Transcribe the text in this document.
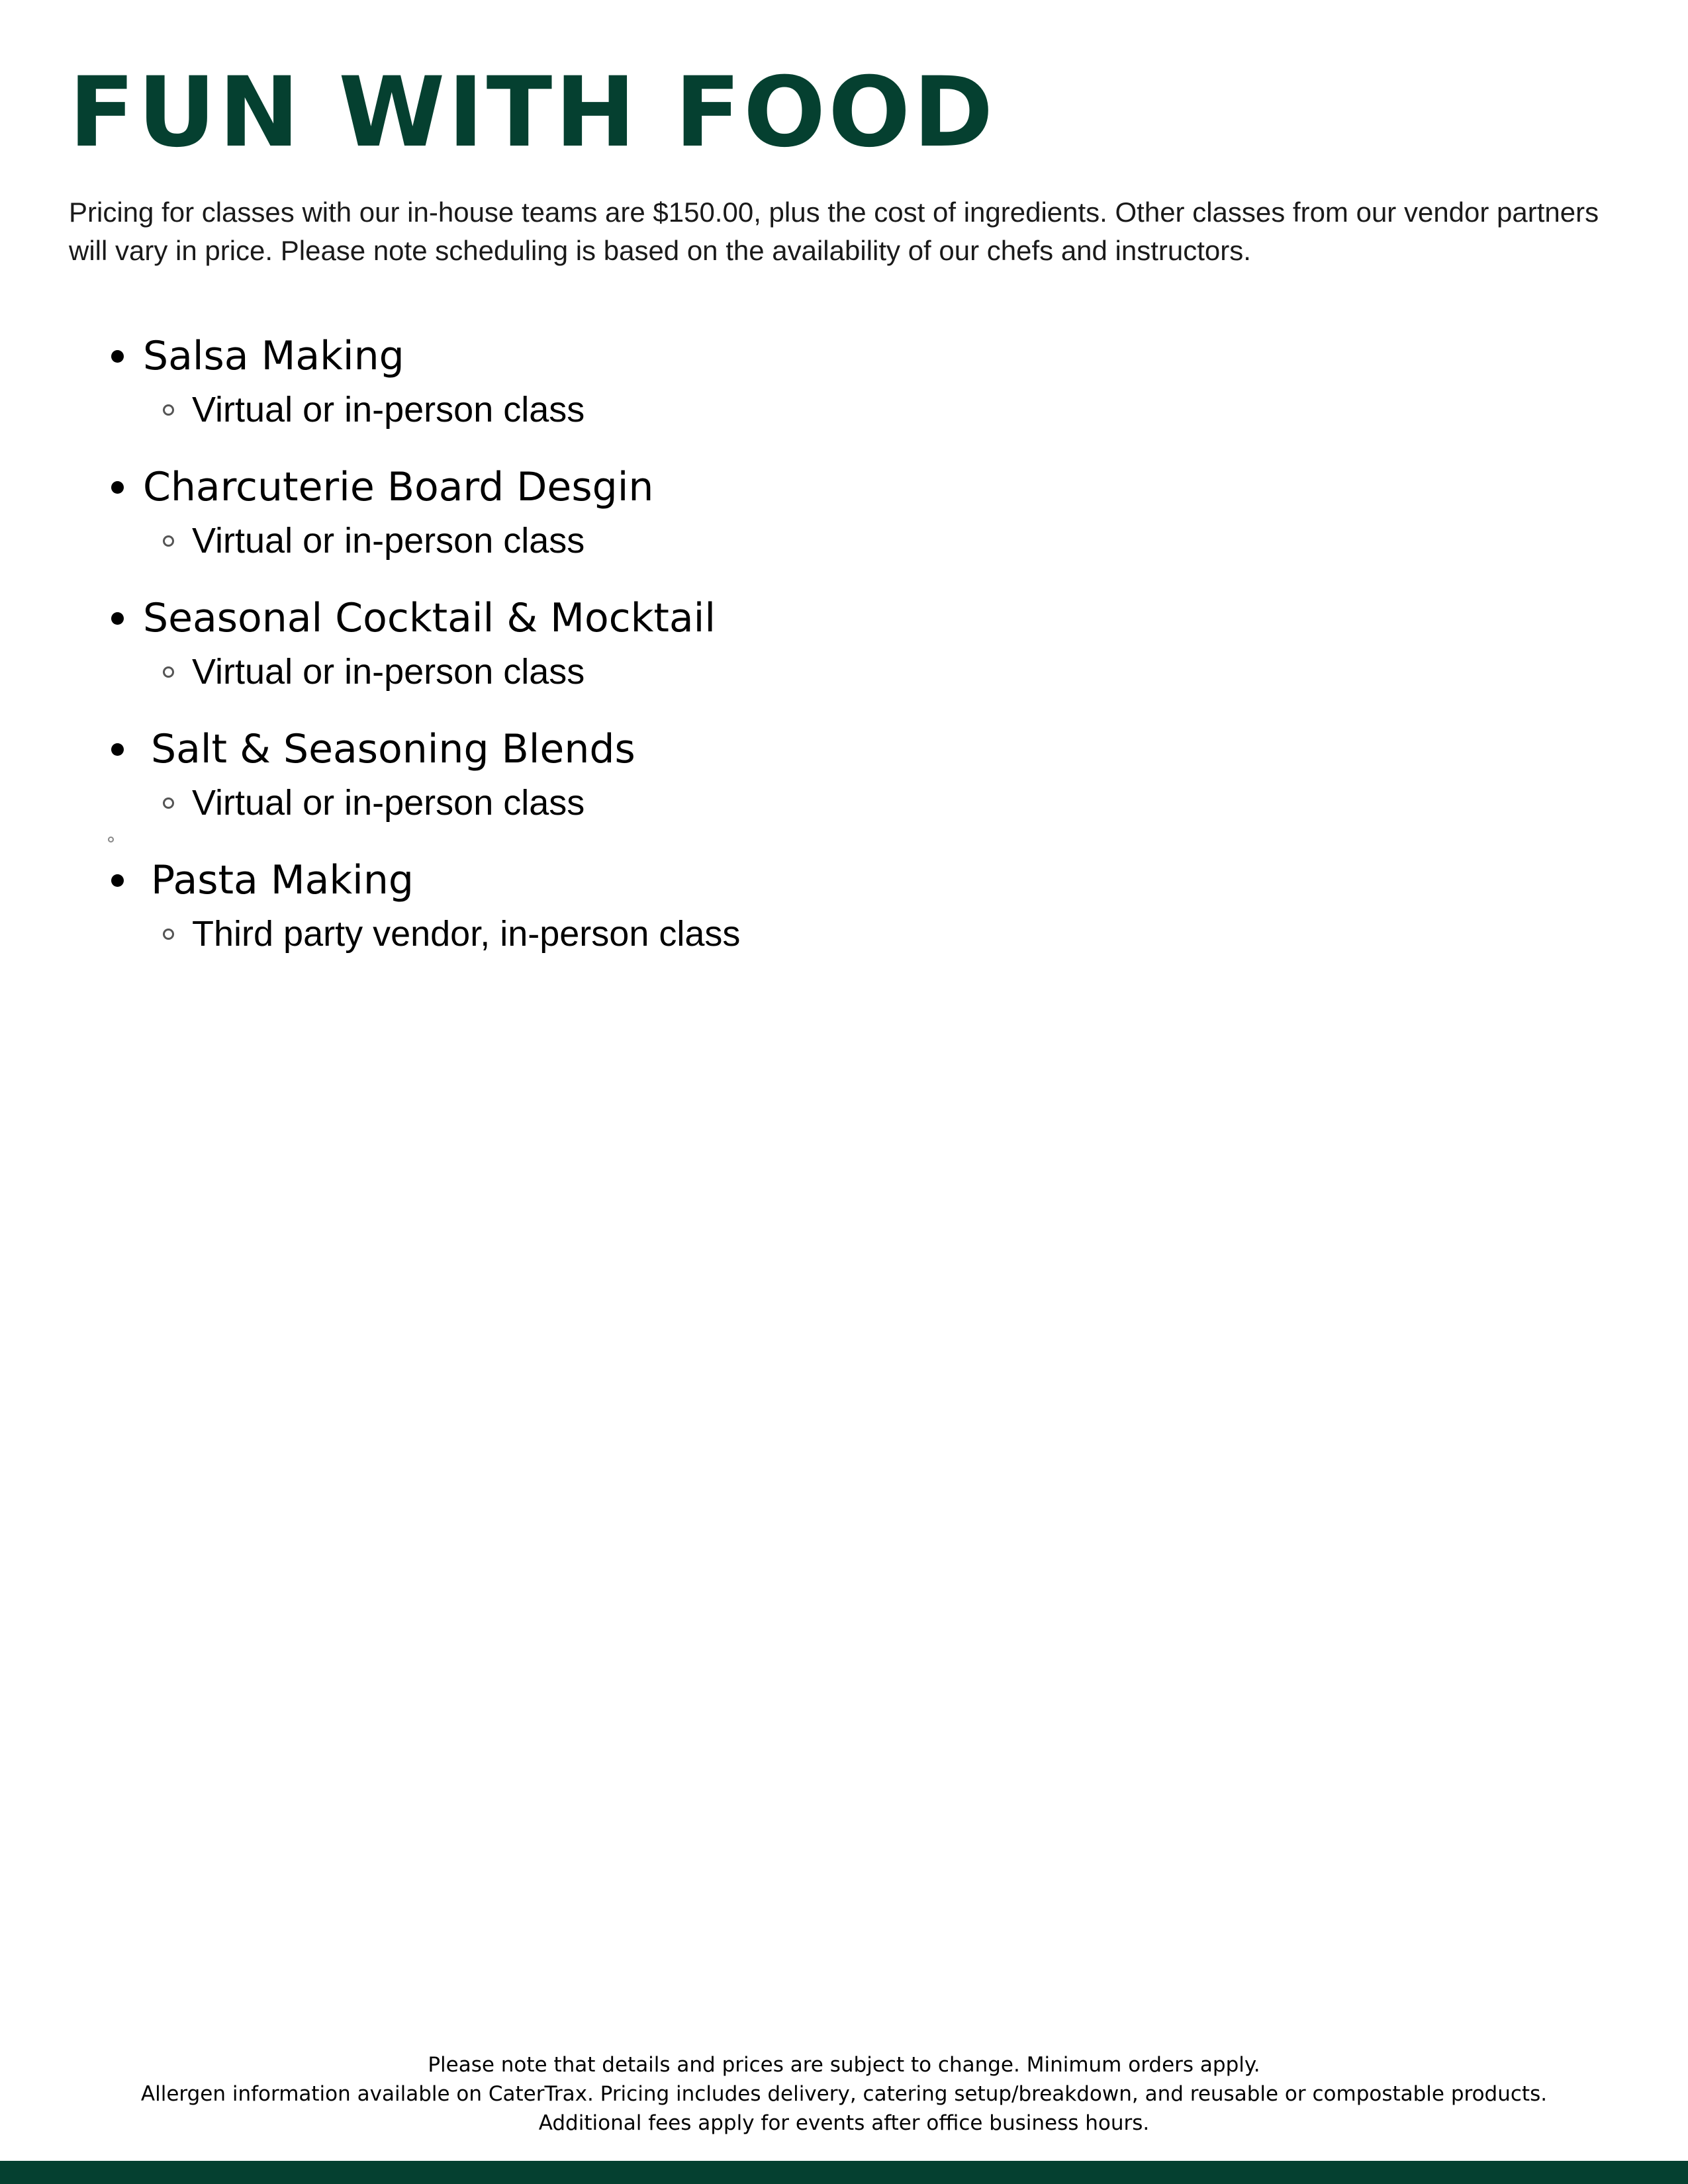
FUN WITH FOOD

Pricing for classes with our in-house teams are $150.00, plus the cost of ingredients. Other classes from our vendor partners will vary in price. Please note scheduling is based on the availability of our chefs and instructors.

Salsa Making
Virtual or in-person class
Charcuterie Board Desgin
Virtual or in-person class
Seasonal Cocktail & Mocktail
Virtual or in-person class
Salt & Seasoning Blends
Virtual or in-person class
Pasta Making
Third party vendor, in-person class
Please note that details and prices are subject to change. Minimum orders apply.
Allergen information available on CaterTrax. Pricing includes delivery, catering setup/breakdown, and reusable or compostable products.
Additional fees apply for events after office business hours.
